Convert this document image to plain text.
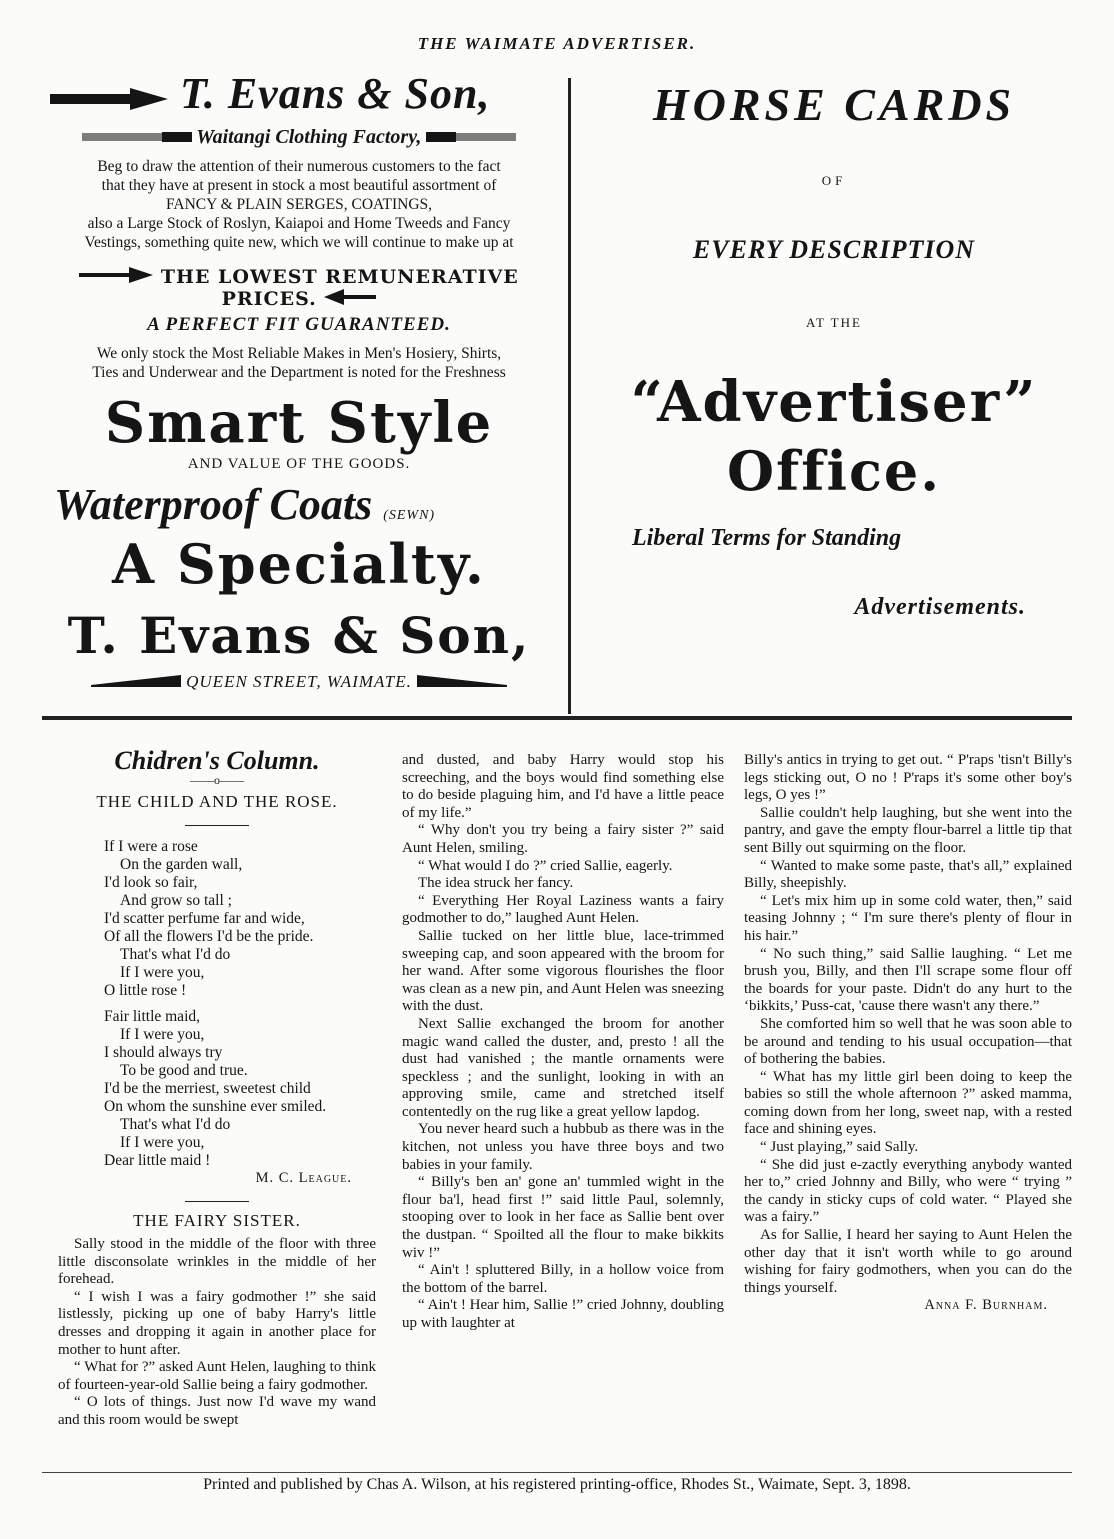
THE WAIMATE ADVERTISER.
T. Evans & Son,
Waitangi Clothing Factory,
Beg to draw the attention of their numerous customers to the fact
that they have at present in stock a most beautiful assortment of
FANCY & PLAIN SERGES, COATINGS,
also a Large Stock of Roslyn, Kaiapoi and Home Tweeds and Fancy
Vestings, something quite new, which we will continue to make up at
THE LOWEST REMUNERATIVE PRICES.
A PERFECT FIT GUARANTEED.
We only stock the Most Reliable Makes in Men's Hosiery, Shirts,
Ties and Underwear and the Department is noted for the Freshness
Smart Style
AND VALUE OF THE GOODS.
Waterproof Coats (SEWN)
A Specialty.
T. Evans & Son,
QUEEN STREET, WAIMATE.
HORSE CARDS
OF
EVERY DESCRIPTION
AT THE
“Advertiser”
Office.
Liberal Terms for Standing
Advertisements.
Chidren's Column.
——o——
THE CHILD AND THE ROSE.
If I were a rose
On the garden wall,
I'd look so fair,
And grow so tall ;
I'd scatter perfume far and wide,
Of all the flowers I'd be the pride.
That's what I'd do
If I were you,
O little rose !
Fair little maid,
If I were you,
I should always try
To be good and true.
I'd be the merriest, sweetest child
On whom the sunshine ever smiled.
That's what I'd do
If I were you,
Dear little maid !
M. C. League.
THE FAIRY SISTER.

Sally stood in the middle of the floor with three little disconsolate wrinkles in the middle of her forehead.

“ I wish I was a fairy godmother !” she said listlessly, picking up one of baby Harry's little dresses and dropping it again in another place for mother to hunt after.

“ What for ?” asked Aunt Helen, laughing to think of fourteen-year-old Sallie being a fairy godmother.

“ O lots of things. Just now I'd wave my wand and this room would be swept

and dusted, and baby Harry would stop his screeching, and the boys would find something else to do beside plaguing him, and I'd have a little peace of my life.”

“ Why don't you try being a fairy sister ?” said Aunt Helen, smiling.

“ What would I do ?” cried Sallie, eagerly.

The idea struck her fancy.

“ Everything Her Royal Laziness wants a fairy godmother to do,” laughed Aunt Helen.

Sallie tucked on her little blue, lace-trimmed sweeping cap, and soon appeared with the broom for her wand. After some vigorous flourishes the floor was clean as a new pin, and Aunt Helen was sneezing with the dust.

Next Sallie exchanged the broom for another magic wand called the duster, and, presto ! all the dust had vanished ; the mantle ornaments were speckless ; and the sunlight, looking in with an approving smile, came and stretched itself contentedly on the rug like a great yellow lapdog.

You never heard such a hubbub as there was in the kitchen, not unless you have three boys and two babies in your family.

“ Billy's ben an' gone an' tummled wight in the flour ba'l, head first !” said little Paul, solemnly, stooping over to look in her face as Sallie bent over the dustpan. “ Spoilted all the flour to make bikkits wiv !”

“ Ain't ! spluttered Billy, in a hollow voice from the bottom of the barrel.

“ Ain't ! Hear him, Sallie !” cried Johnny, doubling up with laughter at

Billy's antics in trying to get out. “ P'raps 'tisn't Billy's legs sticking out, O no ! P'raps it's some other boy's legs, O yes !”

Sallie couldn't help laughing, but she went into the pantry, and gave the empty flour-barrel a little tip that sent Billy out squirming on the floor.

“ Wanted to make some paste, that's all,” explained Billy, sheepishly.

“ Let's mix him up in some cold water, then,” said teasing Johnny ; “ I'm sure there's plenty of flour in his hair.”

“ No such thing,” said Sallie laughing. “ Let me brush you, Billy, and then I'll scrape some flour off the boards for your paste. Didn't do any hurt to the ‘bikkits,’ Puss-cat, 'cause there wasn't any there.”

She comforted him so well that he was soon able to be around and tending to his usual occupation—that of bothering the babies.

“ What has my little girl been doing to keep the babies so still the whole afternoon ?” asked mamma, coming down from her long, sweet nap, with a rested face and shining eyes.

“ Just playing,” said Sally.

“ She did just e-zactly everything anybody wanted her to,” cried Johnny and Billy, who were “ trying ” the candy in sticky cups of cold water. “ Played she was a fairy.”

As for Sallie, I heard her saying to Aunt Helen the other day that it isn't worth while to go around wishing for fairy godmothers, when you can do the things yourself.

Anna F. Burnham.
Printed and published by Chas A. Wilson, at his registered printing-office, Rhodes St., Waimate, Sept. 3, 1898.
